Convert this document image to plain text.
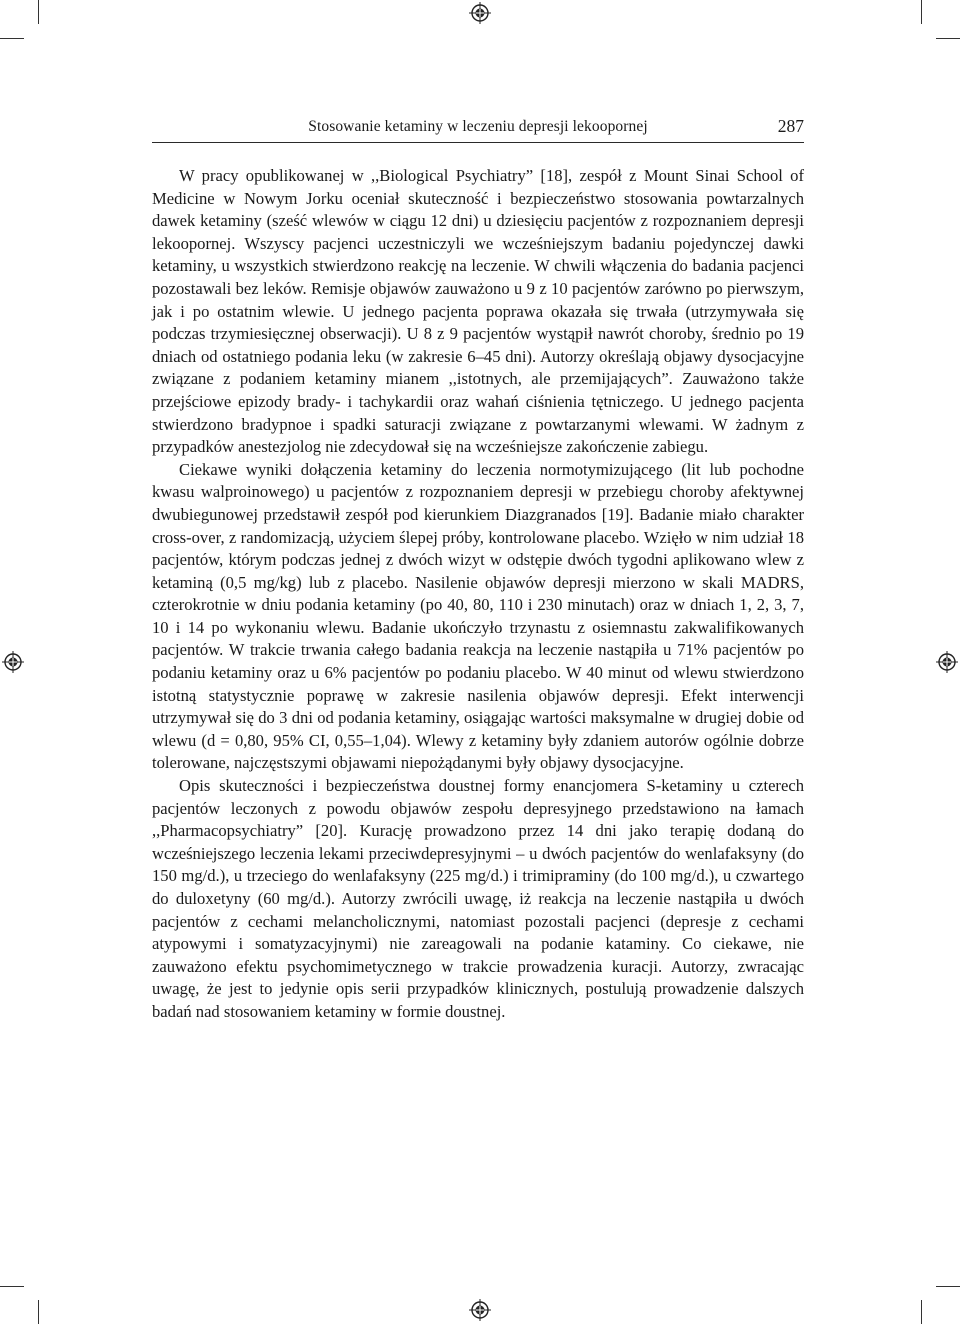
Stosowanie ketaminy w leczeniu depresji lekoopornej	287

W pracy opublikowanej w ,,Biological Psychiatry” [18], zespół z Mount Sinai School of Medicine w Nowym Jorku oceniał skuteczność i bezpieczeństwo stosowania powtarzalnych dawek ketaminy (sześć wlewów w ciągu 12 dni) u dziesięciu pacjentów z rozpoznaniem depresji lekoopornej. Wszyscy pacjenci uczestniczyli we wcześniejszym badaniu pojedynczej dawki ketaminy, u wszystkich stwierdzono reakcję na leczenie. W chwili włączenia do badania pacjenci pozostawali bez leków. Remisje objawów zauważono u 9 z 10 pacjentów zarówno po pierwszym, jak i po ostatnim wlewie. U jednego pacjenta poprawa okazała się trwała (utrzymywała się podczas trzymiesięcznej obserwacji). U 8 z 9 pacjentów wystąpił nawrót choroby, średnio po 19 dniach od ostatniego podania leku (w zakresie 6–45 dni). Autorzy określają objawy dysocjacyjne związane z podaniem ketaminy mianem ,,istotnych, ale przemijających”. Zauważono także przejściowe epizody brady- i tachykardii oraz wahań ciśnienia tętniczego. U jednego pacjenta stwierdzono bradypnoe i spadki saturacji związane z powtarzanymi wlewami. W żadnym z przypadków anestezjolog nie zdecydował się na wcześniejsze zakończenie zabiegu.

Ciekawe wyniki dołączenia ketaminy do leczenia normotymizującego (lit lub pochodne kwasu walproinowego) u pacjentów z rozpoznaniem depresji w przebiegu choroby afektywnej dwubiegunowej przedstawił zespół pod kierunkiem Diazgranados [19]. Badanie miało charakter cross-over, z randomizacją, użyciem ślepej próby, kontrolowane placebo. Wzięło w nim udział 18 pacjentów, którym podczas jednej z dwóch wizyt w odstępie dwóch tygodni aplikowano wlew z ketaminą (0,5 mg/kg) lub z placebo. Nasilenie objawów depresji mierzono w skali MADRS, czterokrotnie w dniu podania ketaminy (po 40, 80, 110 i 230 minutach) oraz w dniach 1, 2, 3, 7, 10 i 14 po wykonaniu wlewu. Badanie ukończyło trzynastu z osiemnastu zakwalifikowanych pacjentów. W trakcie trwania całego badania reakcja na leczenie nastąpiła u 71% pacjentów po podaniu ketaminy oraz u 6% pacjentów po podaniu placebo. W 40 minut od wlewu stwierdzono istotną statystycznie poprawę w zakresie nasilenia objawów depresji. Efekt interwencji utrzymywał się do 3 dni od podania ketaminy, osiągając wartości maksymalne w drugiej dobie od wlewu (d = 0,80, 95% CI, 0,55–1,04). Wlewy z ketaminy były zdaniem autorów ogólnie dobrze tolerowane, najczęstszymi objawami niepożądanymi były objawy dysocjacyjne.

Opis skuteczności i bezpieczeństwa doustnej formy enancjomera S-ketaminy u czterech pacjentów leczonych z powodu objawów zespołu depresyjnego przedstawiono na łamach ,,Pharmacopsychiatry” [20]. Kurację prowadzono przez 14 dni jako terapię dodaną do wcześniejszego leczenia lekami przeciwdepresyjnymi – u dwóch pacjentów do wenlafaksyny (do 150 mg/d.), u trzeciego do wenlafaksyny (225 mg/d.) i trimipraminy (do 100 mg/d.), u czwartego do duloxetyny (60 mg/d.). Autorzy zwrócili uwagę, iż reakcja na leczenie nastąpiła u dwóch pacjentów z cechami melancholicznymi, natomiast pozostali pacjenci (depresje z cechami atypowymi i somatyzacyjnymi) nie zareagowali na podanie kataminy. Co ciekawe, nie zauważono efektu psychomimetycznego w trakcie prowadzenia kuracji. Autorzy, zwracając uwagę, że jest to jedynie opis serii przypadków klinicznych, postulują prowadzenie dalszych badań nad stosowaniem ketaminy w formie doustnej.
